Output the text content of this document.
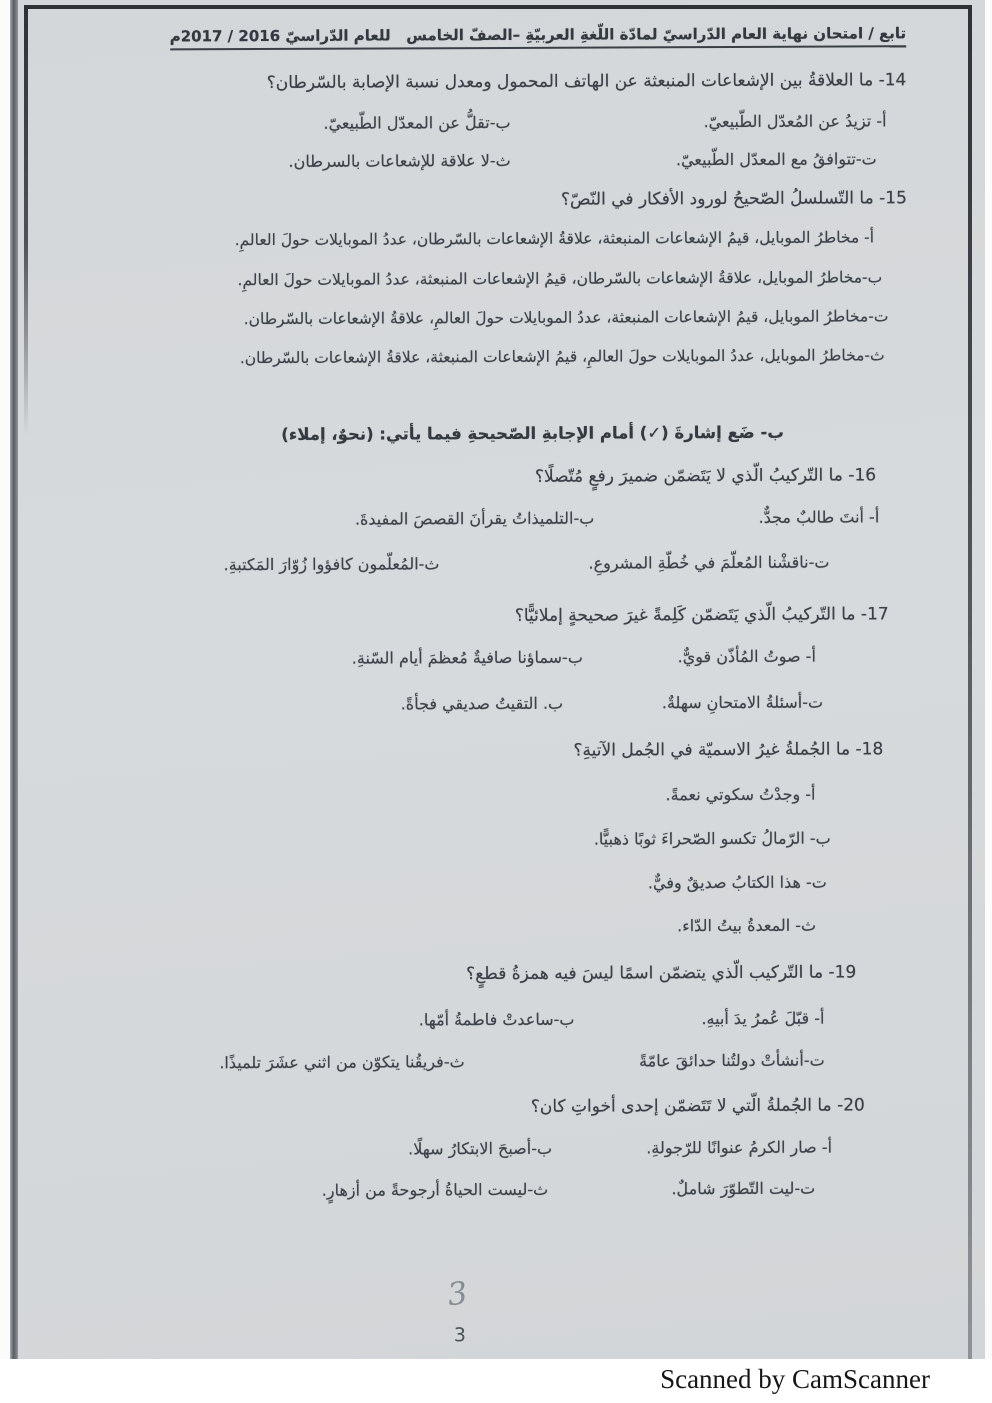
تابع / امتحان نهاية العام الدّراسيّ لمادّة اللّغةِ العربيّةِ –الصفّ الخامس   للعام الدّراسيّ 2016 / 2017م
14- ما العلاقةُ بين الإشعاعات المنبعثة عن الهاتف المحمول ومعدل نسبة الإصابة بالسّرطان؟
أ- تزيدُ عن المُعدّل الطّبيعيّ.
ب-تقلُّ عن المعدّل الطّبيعيّ.
ت-تتوافقُ مع المعدّل الطّبيعيّ.
ث-لا علاقة للإشعاعات بالسرطان.
15- ما التّسلسلُ الصّحيحُ لورود الأفكار في النّصّ؟
أ- مخاطرُ الموبايل، قيمُ الإشعاعات المنبعثة، علاقةُ الإشعاعات بالسّرطان، عددُ الموبايلات حولَ العالمِ.
ب-مخاطرُ الموبايل، علاقةُ الإشعاعات بالسّرطان، قيمُ الإشعاعات المنبعثة، عددُ الموبايلات حولَ العالمِ.
ت-مخاطرُ الموبايل، قيمُ الإشعاعات المنبعثة، عددُ الموبايلات حولَ العالمِ، علاقةُ الإشعاعات بالسّرطان.
ث-مخاطرُ الموبايل، عددُ الموبايلات حولَ العالمِ، قيمُ الإشعاعات المنبعثة، علاقةُ الإشعاعات بالسّرطان.
ب- ضَع إشارةَ (✓) أمام الإجابةِ الصّحيحةِ فيما يأتي: (نحوٌ، إملاء)
16- ما التّركيبُ الّذي لا يَتَضمّن ضميرَ رفعٍ مُتّصلًا؟
أ- أنتَ طالبٌ مجدٌّ.
ب-التلميذاتُ يقرأنَ القصصَ المفيدةَ.
ت-ناقشْنا المُعلّمَ في خُطّةِ المشروعِ.
ث-المُعلّمون كافؤوا زُوّارَ المَكتبةِ.
17- ما التّركيبُ الّذي يَتَضمّن كَلِمةً غيرَ صحيحةٍ إملائيًّا؟
أ- صوتُ المُأذّن قويٌّ.
ب-سماؤنا صافيةٌ مُعظمَ أيام السّنةِ.
ت-أسئلةُ الامتحانِ سهلةٌ.
ب. التقيتُ صديقي فجأةً.
18- ما الجُملةُ غيرُ الاسميّة في الجُمل الآتيةِ؟
أ- وجدْتُ سكوتي نعمةً.
ب- الرّمالُ تكسو الصّحراءَ ثوبًا ذهبيًّا.
ت- هذا الكتابُ صديقٌ وفيٌّ.
ث- المعدةُ بيتُ الدّاء.
19- ما التّركيب الّذي يتضمّن اسمًا ليسَ فيه همزةُ قطعٍ؟
أ- قبّلَ عُمرُ يدَ أبيهِ.
ب-ساعدتْ فاطمةُ أمّها.
ت-أنشأتْ دولتُنا حدائقَ عامّةً
ث-فريقُنا يتكوّن من اثني عشَرَ تلميذًا.
20- ما الجُملةُ الّتي لا تَتَضمّن إحدى أخواتِ كان؟
أ- صار الكرمُ عنوانًا للرّجولةِ.
ب-أصبحَ الابتكارُ سهلًا.
ت-ليت التّطوّرَ شاملٌ.
ث-ليست الحياةُ أرجوحةً من أزهارٍ.
3
3
Scanned by CamScanner
